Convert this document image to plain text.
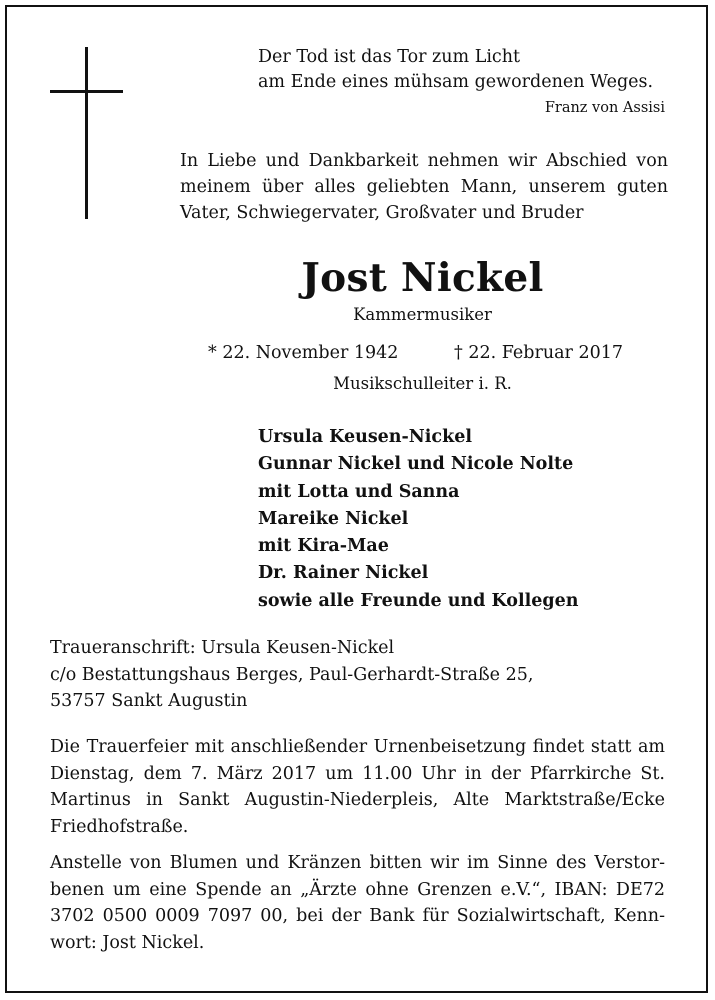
Der Tod ist das Tor zum Licht
am Ende eines mühsam gewordenen Weges.
Franz von Assisi
In Liebe und Dankbarkeit nehmen wir Abschied von
meinem über alles geliebten Mann, unserem guten
Vater, Schwiegervater, Großvater und Bruder
Jost Nickel
Kammermusiker
* 22. November 1942	† 22. Februar 2017
Musikschulleiter i. R.
Ursula Keusen-Nickel
Gunnar Nickel und Nicole Nolte
mit Lotta und Sanna
Mareike Nickel
mit Kira-Mae
Dr. Rainer Nickel
sowie alle Freunde und Kollegen
Traueranschrift: Ursula Keusen-Nickel
c/o Bestattungshaus Berges, Paul-Gerhardt-Straße 25,
53757 Sankt Augustin
Die Trauerfeier mit anschließender Urnenbeisetzung findet statt am
Dienstag, dem 7. März 2017 um 11.00 Uhr in der Pfarrkirche St.
Martinus in Sankt Augustin-Niederpleis, Alte Marktstraße/Ecke
Friedhofstraße.
Anstelle von Blumen und Kränzen bitten wir im Sinne des Verstor-
benen um eine Spende an „Ärzte ohne Grenzen e.V.“, IBAN: DE72
3702 0500 0009 7097 00, bei der Bank für Sozialwirtschaft, Kenn-
wort: Jost Nickel.
